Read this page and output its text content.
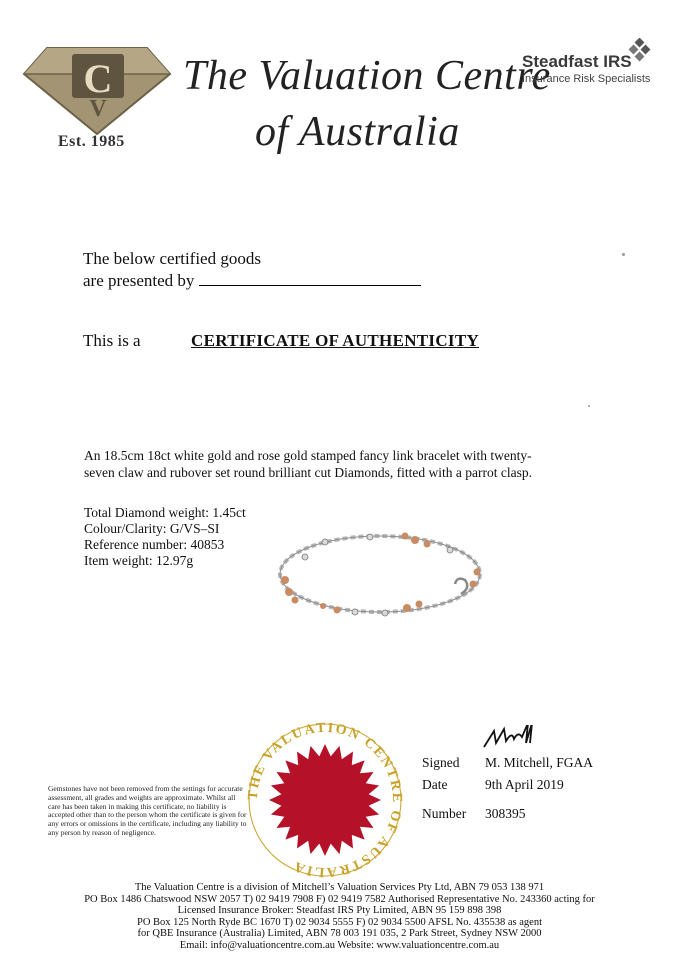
C
V
Est. 1985
The Valuation Centre
of Australia
Steadfast IRS
Insurance Risk Specialists
The below certified goods
are presented by
This is a	CERTIFICATE OF AUTHENTICITY
An 18.5cm 18ct white gold and rose gold stamped fancy link bracelet with twenty-seven claw and rubover set round brilliant cut Diamonds, fitted with a parrot clasp.
Total Diamond weight: 1.45ct
Colour/Clarity: G/VS–SI
Reference number: 40853
Item weight: 12.97g
THE VALUATION CENTRE OF AUSTRALIA
Signed M. Mitchell, FGAA
Date	9th April 2019
Number 308395
Gemstones have not been removed from the settings for accurate assessment, all grades and weights are approximate. Whilst all care has been taken in making this certificate, no liability is accepted other than to the person whom the certificate is given for any errors or omissions in the certificate, including any liability to any person by reason of negligence.
The Valuation Centre is a division of Mitchell’s Valuation Services Pty Ltd, ABN 79 053 138 971
PO Box 1486 Chatswood NSW 2057 T) 02 9419 7908 F) 02 9419 7582 Authorised Representative No. 243360 acting for
Licensed Insurance Broker: Steadfast IRS Pty Limited, ABN 95 159 898 398
PO Box 125 North Ryde BC 1670 T) 02 9034 5555 F) 02 9034 5500 AFSL No. 435538 as agent
for QBE Insurance (Australia) Limited, ABN 78 003 191 035, 2 Park Street, Sydney NSW 2000
Email: info@valuationcentre.com.au Website: www.valuationcentre.com.au
